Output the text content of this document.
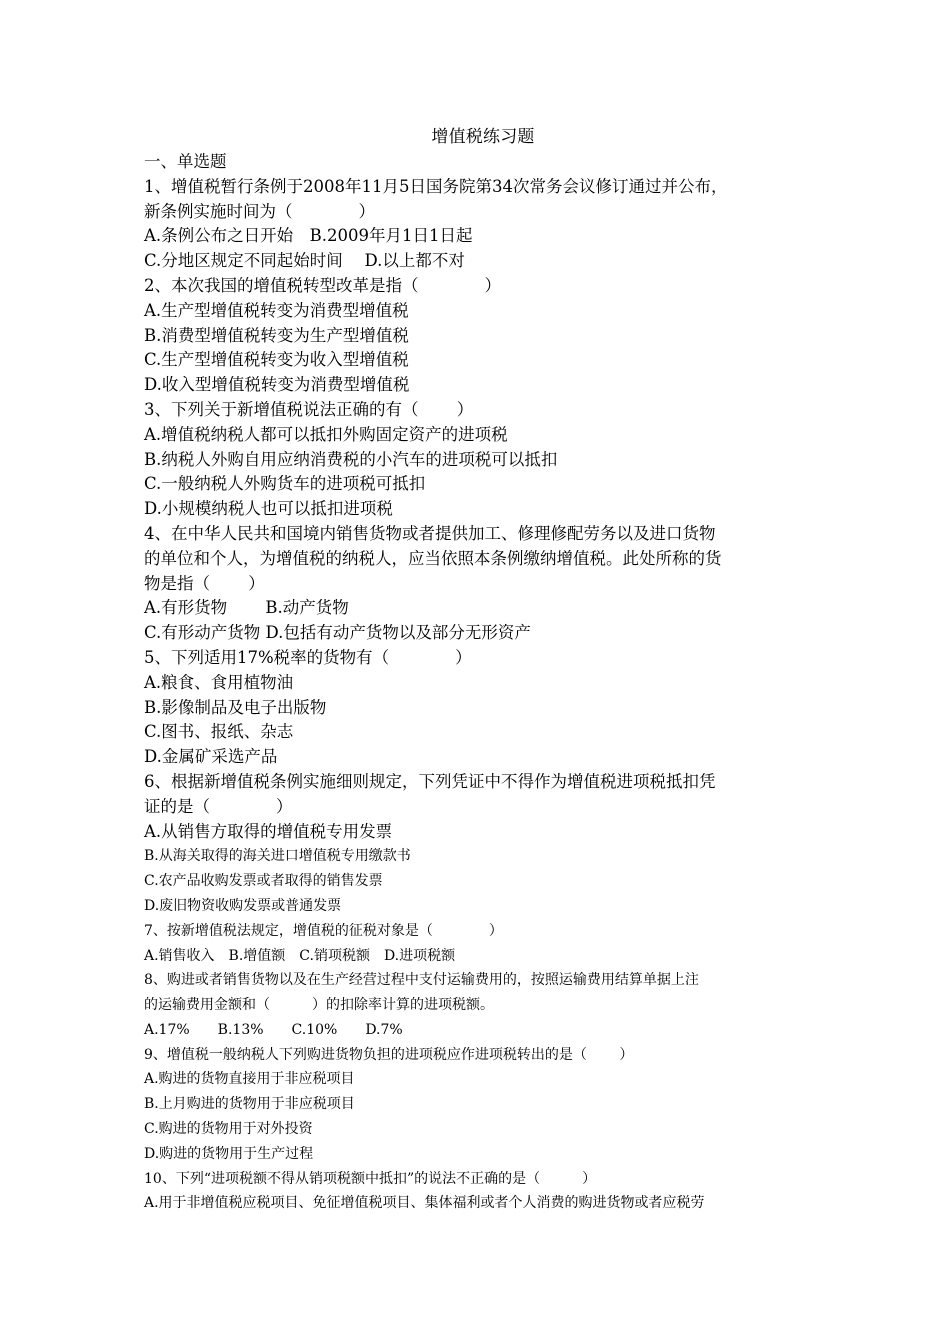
增值税练习题
一、单选题
1、增值税暂行条例于2008年11月5日国务院第34次常务会议修订通过并公布，
新条例实施时间为（　　　　）
A.条例公布之日开始　B.2009年月1日1日起
C.分地区规定不同起始时间　 D.以上都不对
2、本次我国的增值税转型改革是指（　　　　）
A.生产型增值税转变为消费型增值税
B.消费型增值税转变为生产型增值税
C.生产型增值税转变为收入型增值税
D.收入型增值税转变为消费型增值税
3、下列关于新增值税说法正确的有（　　 ）
A.增值税纳税人都可以抵扣外购固定资产的进项税
B.纳税人外购自用应纳消费税的小汽车的进项税可以抵扣
C.一般纳税人外购货车的进项税可抵扣
D.小规模纳税人也可以抵扣进项税
4、在中华人民共和国境内销售货物或者提供加工、修理修配劳务以及进口货物
的单位和个人，为增值税的纳税人，应当依照本条例缴纳增值税。此处所称的货
物是指（　　 ）
A.有形货物　　 B.动产货物
C.有形动产货物 D.包括有动产货物以及部分无形资产
5、下列适用17%税率的货物有（　　　　）
A.粮食、食用植物油
B.影像制品及电子出版物
C.图书、报纸、杂志
D.金属矿采选产品
6、根据新增值税条例实施细则规定，下列凭证中不得作为增值税进项税抵扣凭
证的是（　　　　）
A.从销售方取得的增值税专用发票
B.从海关取得的海关进口增值税专用缴款书
C.农产品收购发票或者取得的销售发票
D.废旧物资收购发票或普通发票
7、按新增值税法规定，增值税的征税对象是（　　　　）
A.销售收入　B.增值额　C.销项税额　D.进项税额
8、购进或者销售货物以及在生产经营过程中支付运输费用的，按照运输费用结算单据上注
的运输费用金额和（　　　）的扣除率计算的进项税额。
A.17%　　B.13%　　C.10%　　D.7%
9、增值税一般纳税人下列购进货物负担的进项税应作进项税转出的是（　　 ）
A.购进的货物直接用于非应税项目
B.上月购进的货物用于非应税项目
C.购进的货物用于对外投资
D.购进的货物用于生产过程
10、下列“进项税额不得从销项税额中抵扣”的说法不正确的是（　　　）
A.用于非增值税应税项目、免征增值税项目、集体福利或者个人消费的购进货物或者应税劳
